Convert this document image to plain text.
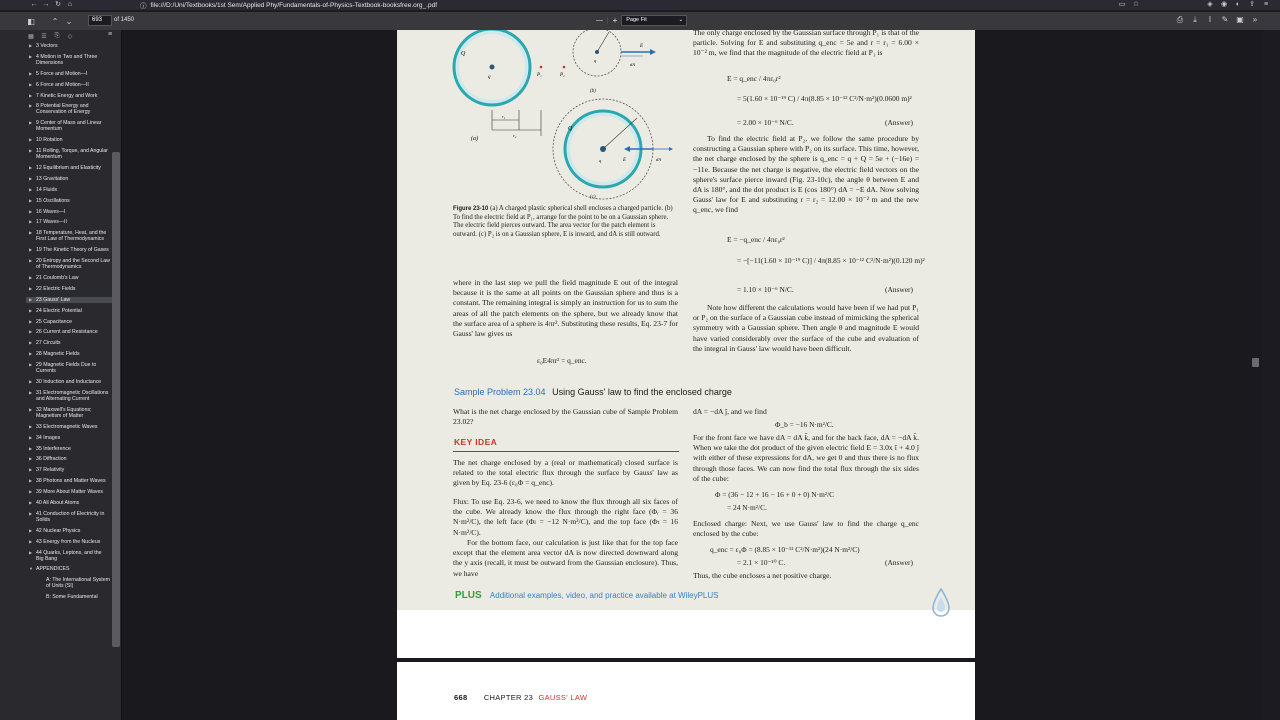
← → ↻ ⌂	ⓘ file:///D:/Uni/Textbooks/1st Sem/Applied Phy/Fundamentals-of-Physics-Textbook-booksfree.org_.pdf	▭	☆	◈	◉	◐	⇪	≡
◧	⌃ ⌄	693	of 1450	— | +	Page Fit	⌄	⎙	⤓	I	✎ ▣	»
▦	☰	⎘	◇	≡
▶ 3 Vectors
▶ 4 Motion in Two and Three Dimensions
▶ 5 Force and Motion—I
▶ 6 Force and Motion—II
▶ 7 Kinetic Energy and Work
▶ 8 Potential Energy and Conservation of Energy
▶ 9 Center of Mass and Linear Momentum
▶ 10 Rotation
▶ 11 Rolling, Torque, and Angular Momentum
▶ 12 Equilibrium and Elasticity
▶ 13 Gravitation
▶ 14 Fluids
▶ 15 Oscillations
▶ 16 Waves—I
▶ 17 Waves—II
▶ 18 Temperature, Heat, and the First Law of Thermodynamics
▶ 19 The Kinetic Theory of Gases
▶ 20 Entropy and the Second Law of Thermodynamics
▶ 21 Coulomb's Law
▶ 22 Electric Fields
▶ 23 Gauss' Law
▶ 24 Electric Potential
▶ 25 Capacitance
▶ 26 Current and Resistance
▶ 27 Circuits
▶ 28 Magnetic Fields
▶ 29 Magnetic Fields Due to Currents
▶ 30 Induction and Inductance
▶ 31 Electromagnetic Oscillations and Alternating Current
▶ 32 Maxwell's Equations; Magnetism of Matter
▶ 33 Electromagnetic Waves
▶ 34 Images
▶ 35 Interference
▶ 36 Diffraction
▶ 37 Relativity
▶ 38 Photons and Matter Waves
▶ 39 More About Matter Waves
▶ 40 All About Atoms
▶ 41 Conduction of Electricity in Solids
▶ 42 Nuclear Physics
▶ 43 Energy from the Nucleus
▶ 44 Quarks, Leptons, and the Big Bang
▼ APPENDICES
A: The International System of Units (SI)
B: Some Fundamental
Q
q	P₁	P₂
(a)
r₁
r₂
(b)
q
E
dA
Q
q	E	dA
(c)
Figure 23-10 (a) A charged plastic spherical shell encloses a charged particle. (b) To find the electric field at P₁, arrange for the point to be on a Gaussian sphere. The electric field pierces outward. The area vector for the patch element is outward. (c) P₂ is on a Gaussian sphere, E is inward, and dA is still outward.
where in the last step we pull the field magnitude E out of the integral because it is the same at all points on the Gaussian sphere and thus is a constant. The remaining integral is simply an instruction for us to sum the areas of all the patch elements on the sphere, but we already know that the surface area of a sphere is 4πr². Substituting these results, Eq. 23-7 for Gauss' law gives us
ε₀E4πr² = q_enc.
The only charge enclosed by the Gaussian surface through P₁ is that of the particle. Solving for E and substituting q_enc = 5e and r = r₁ = 6.00 × 10⁻² m, we find that the magnitude of the electric field at P₁ is
E = q_enc / 4πε₀r²
= 5(1.60 × 10⁻¹⁹ C) / 4π(8.85 × 10⁻¹² C²/N·m²)(0.0600 m)²
= 2.00 × 10⁻⁶ N/C.	(Answer)
To find the electric field at P₂, we follow the same procedure by constructing a Gaussian sphere with P₂ on its surface. This time, however, the net charge enclosed by the sphere is q_enc = q + Q = 5e + (−16e) = −11e. Because the net charge is negative, the electric field vectors on the sphere's surface pierce inward (Fig. 23-10c), the angle θ between E and dA is 180°, and the dot product is E (cos 180°) dA = −E dA. Now solving Gauss' law for E and substituting r = r₂ = 12.00 × 10⁻² m and the new q_enc, we find
E = −q_enc / 4πε₀r²
= −[−11(1.60 × 10⁻¹⁹ C)] / 4π(8.85 × 10⁻¹² C²/N·m²)(0.120 m)²
= 1.10 × 10⁻⁶ N/C.	(Answer)
Note how different the calculations would have been if we had put P₁ or P₂ on the surface of a Gaussian cube instead of mimicking the spherical symmetry with a Gaussian sphere. Then angle θ and magnitude E would have varied considerably over the surface of the cube and evaluation of the integral in Gauss' law would have been difficult.
Sample Problem 23.04 Using Gauss' law to find the enclosed charge
What is the net charge enclosed by the Gaussian cube of Sample Problem 23.02?
KEY IDEA
The net charge enclosed by a (real or mathematical) closed surface is related to the total electric flux through the surface by Gauss' law as given by Eq. 23-6 (ε₀Φ = q_enc).
Flux: To use Eq. 23-6, we need to know the flux through all six faces of the cube. We already know the flux through the right face (Φᵣ = 36 N·m²/C), the left face (Φₗ = −12 N·m²/C), and the top face (Φₜ = 16 N·m²/C).
For the bottom face, our calculation is just like that for the top face except that the element area vector dA is now directed downward along the y axis (recall, it must be outward from the Gaussian enclosure). Thus, we have
dA = −dA ĵ, and we find
Φ_b = −16 N·m²/C.
For the front face we have dA = dA k̂, and for the back face, dA = −dA k̂. When we take the dot product of the given electric field E = 3.0x î + 4.0 ĵ with either of these expressions for dA, we get 0 and thus there is no flux through those faces. We can now find the total flux through the six sides of the cube:
Φ = (36 − 12 + 16 − 16 + 0 + 0) N·m²/C
= 24 N·m²/C.
Enclosed charge: Next, we use Gauss' law to find the charge q_enc enclosed by the cube:
q_enc = ε₀Φ = (8.85 × 10⁻¹² C²/N·m²)(24 N·m²/C)
= 2.1 × 10⁻¹⁰ C.	(Answer)
Thus, the cube encloses a net positive charge.
PLUS Additional examples, video, and practice available at WileyPLUS
668 CHAPTER 23 GAUSS' LAW
